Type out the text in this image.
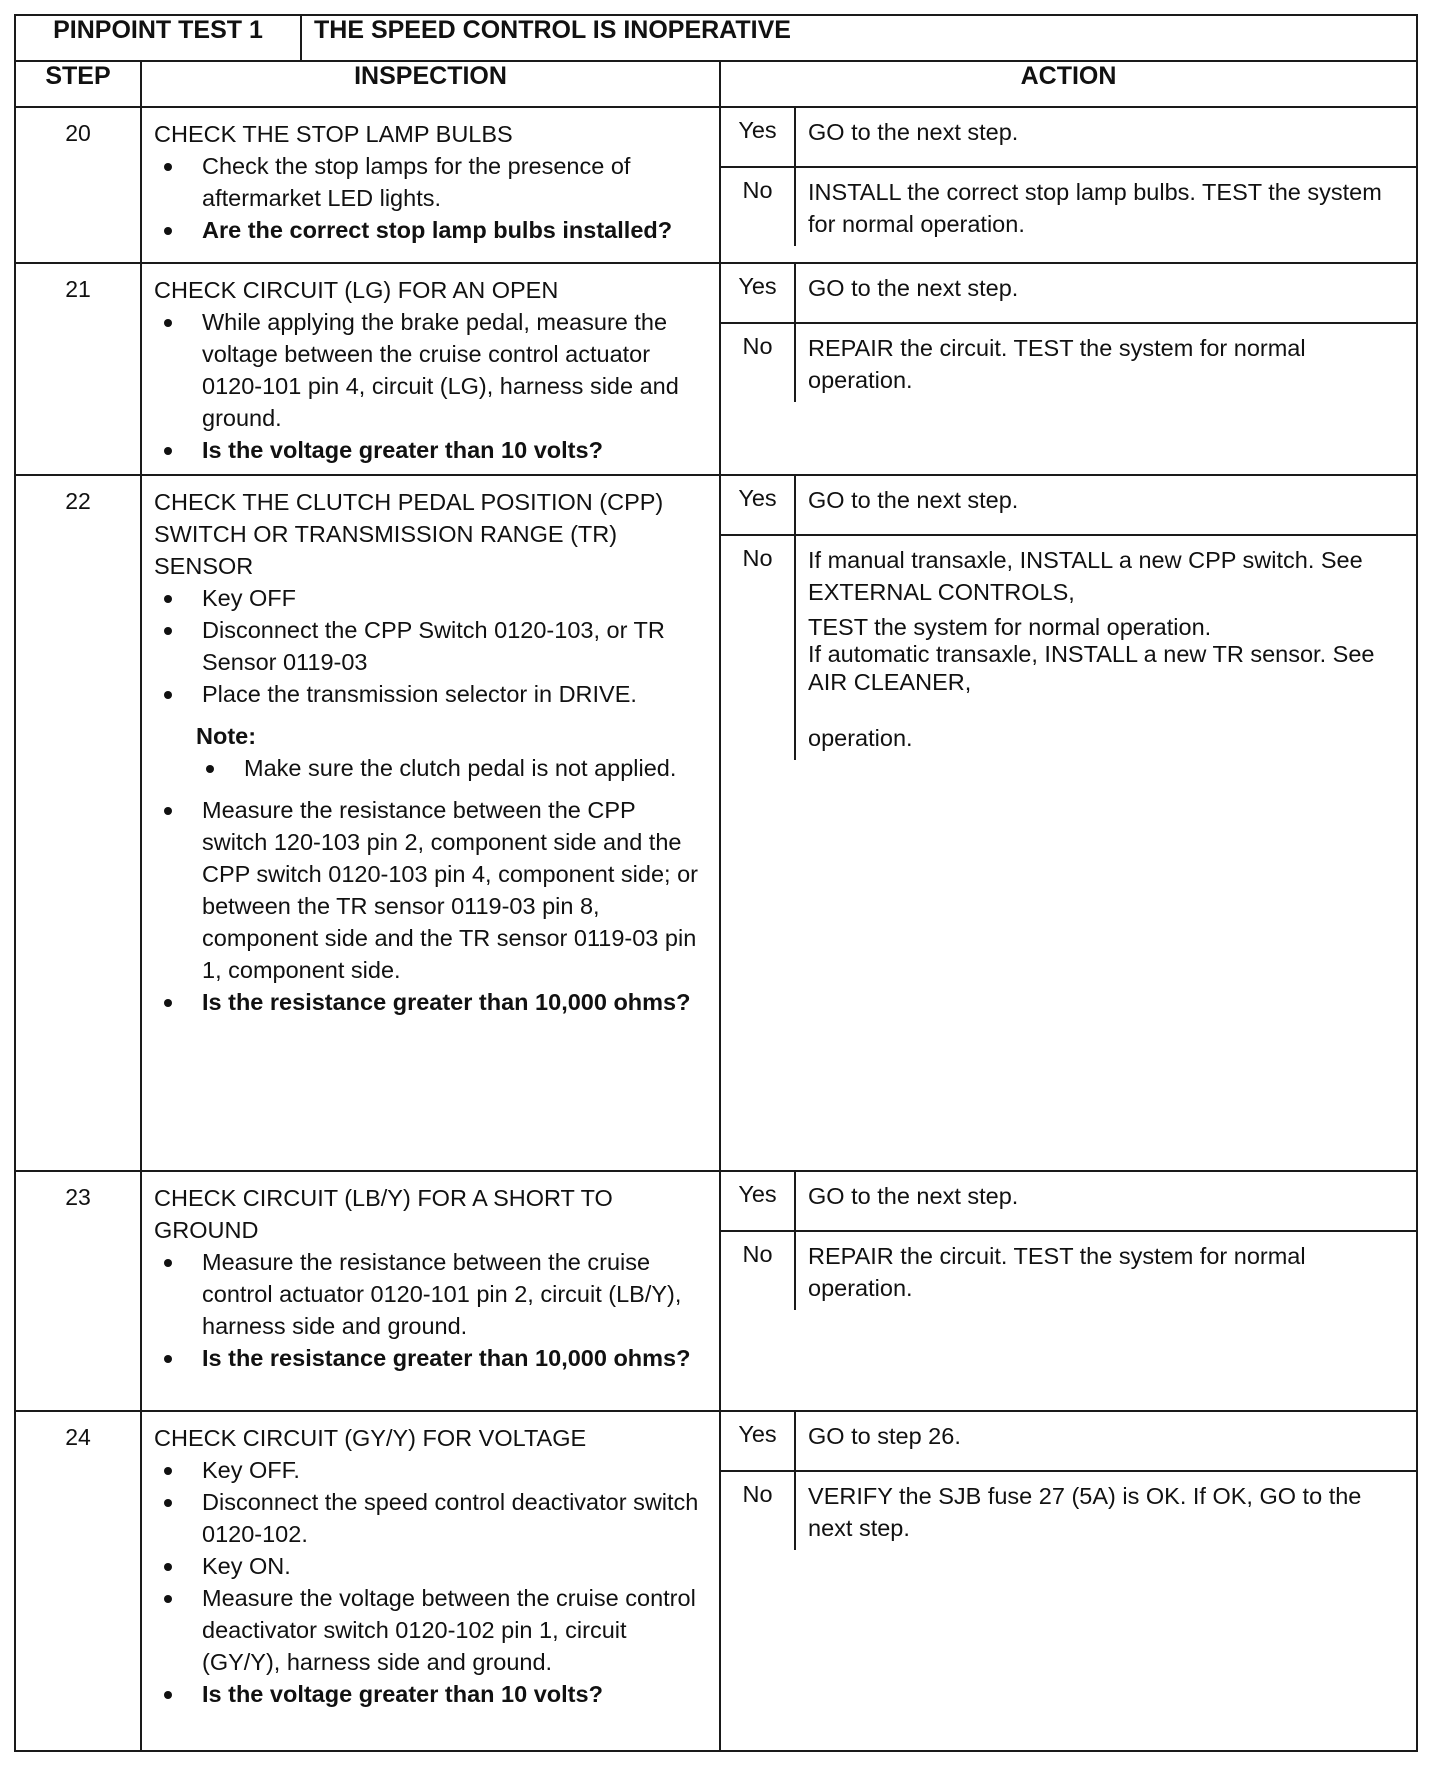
PINPOINT TEST 1	THE SPEED CONTROL IS INOPERATIVE
STEP	INSPECTION	ACTION
20	CHECK THE STOP LAMP BULBS
Check the stop lamps for the presence of aftermarket LED lights.
Are the correct stop lamp bulbs installed?

Yes	GO to the next step.
No	INSTALL the correct stop lamp bulbs. TEST the system for normal operation.

21	CHECK CIRCUIT (LG) FOR AN OPEN
While applying the brake pedal, measure the voltage between the cruise control actuator 0120-101 pin 4, circuit (LG), harness side and ground.
Is the voltage greater than 10 volts?

Yes	GO to the next step.
No	REPAIR the circuit. TEST the system for normal operation.

22	CHECK THE CLUTCH PEDAL POSITION (CPP) SWITCH OR TRANSMISSION RANGE (TR) SENSOR
Key OFF
Disconnect the CPP Switch 0120-103, or TR Sensor 0119-03
Place the transmission selector in DRIVE.
Note:
Make sure the clutch pedal is not applied.
Measure the resistance between the CPP switch 120-103 pin 2, component side and the CPP switch 0120-103 pin 4, component side; or between the TR sensor 0119-03 pin 8, component side and the TR sensor 0119-03 pin 1, component side.
Is the resistance greater than 10,000 ohms?

Yes	GO to the next step.
No	If manual transaxle, INSTALL a new CPP switch. See EXTERNAL CONTROLS,
TEST the system for normal operation.
If automatic transaxle, INSTALL a new TR sensor. See AIR CLEANER,
operation.

23	CHECK CIRCUIT (LB/Y) FOR A SHORT TO GROUND
Measure the resistance between the cruise control actuator 0120-101 pin 2, circuit (LB/Y), harness side and ground.
Is the resistance greater than 10,000 ohms?

Yes	GO to the next step.
No	REPAIR the circuit. TEST the system for normal operation.

24	CHECK CIRCUIT (GY/Y) FOR VOLTAGE
Key OFF.
Disconnect the speed control deactivator switch 0120-102.
Key ON.
Measure the voltage between the cruise control deactivator switch 0120-102 pin 1, circuit (GY/Y), harness side and ground.
Is the voltage greater than 10 volts?

Yes	GO to step 26.
No	VERIFY the SJB fuse 27 (5A) is OK. If OK, GO to the next step.
